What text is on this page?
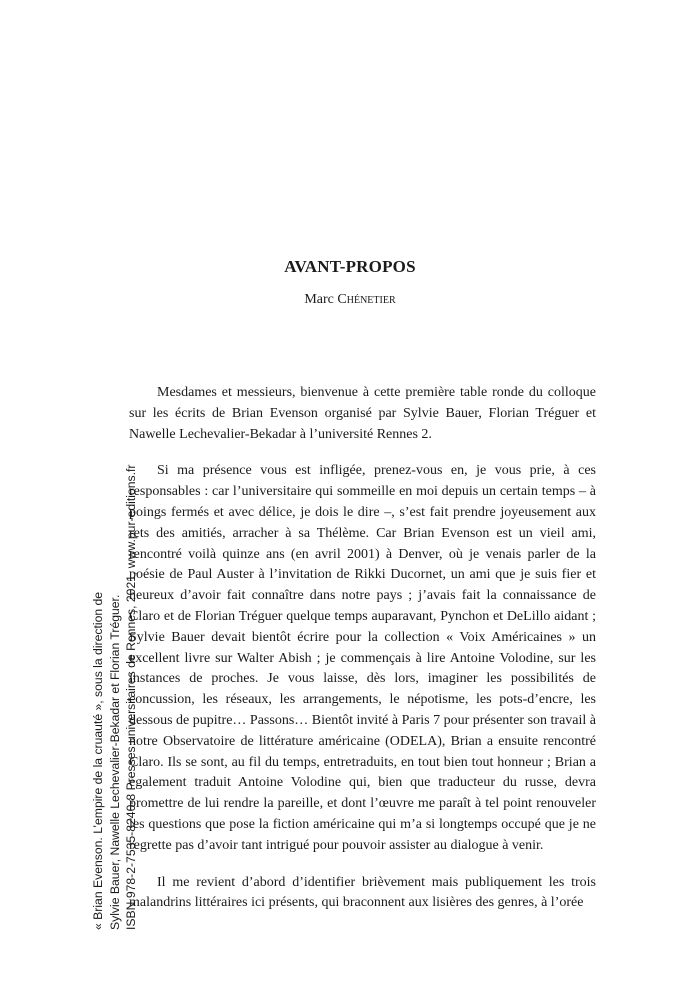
AVANT-PROPOS
Marc Chénetier

Mesdames et messieurs, bienvenue à cette première table ronde du colloque sur les écrits de Brian Evenson organisé par Sylvie Bauer, Florian Tréguer et Nawelle Lechevalier-Bekadar à l’université Rennes 2.

Si ma présence vous est infligée, prenez-vous en, je vous prie, à ces responsables : car l’universitaire qui sommeille en moi depuis un certain temps – à poings fermés et avec délice, je dois le dire –, s’est fait prendre joyeusement aux rets des amitiés, arracher à sa Thélème. Car Brian Evenson est un vieil ami, rencontré voilà quinze ans (en avril 2001) à Denver, où je venais parler de la poésie de Paul Auster à l’invitation de Rikki Ducornet, un ami que je suis fier et heureux d’avoir fait connaître dans notre pays ; j’avais fait la connaissance de Claro et de Florian Tréguer quelque temps auparavant, Pynchon et DeLillo aidant ; Sylvie Bauer devait bientôt écrire pour la collection « Voix Américaines » un excellent livre sur Walter Abish ; je commençais à lire Antoine Volodine, sur les instances de proches. Je vous laisse, dès lors, imaginer les possibilités de concussion, les réseaux, les arrangements, le népotisme, les pots-d’encre, les dessous de pupitre… Passons… Bientôt invité à Paris 7 pour présenter son travail à notre Observatoire de littérature américaine (ODELA), Brian a ensuite rencontré Claro. Ils se sont, au fil du temps, entretraduits, en tout bien tout honneur ; Brian a également traduit Antoine Volodine qui, bien que traducteur du russe, devra promettre de lui rendre la pareille, et dont l’œuvre me paraît à tel point renouveler les questions que pose la fiction américaine qui m’a si longtemps occupé que je ne regrette pas d’avoir tant intrigué pour pouvoir assister au dialogue à venir.

Il me revient d’abord d’identifier brièvement mais publiquement les trois malandrins littéraires ici présents, qui braconnent aux lisières des genres, à l’orée

« Brian Evenson. L’empire de la cruauté », sous la direction de Sylvie Bauer, Nawelle Lechevalier-Bekadar et Florian Tréguer. ISBN 978-2-7535-8240-8 Presses universitaires de Rennes, 2021, www.pur-editions.fr
